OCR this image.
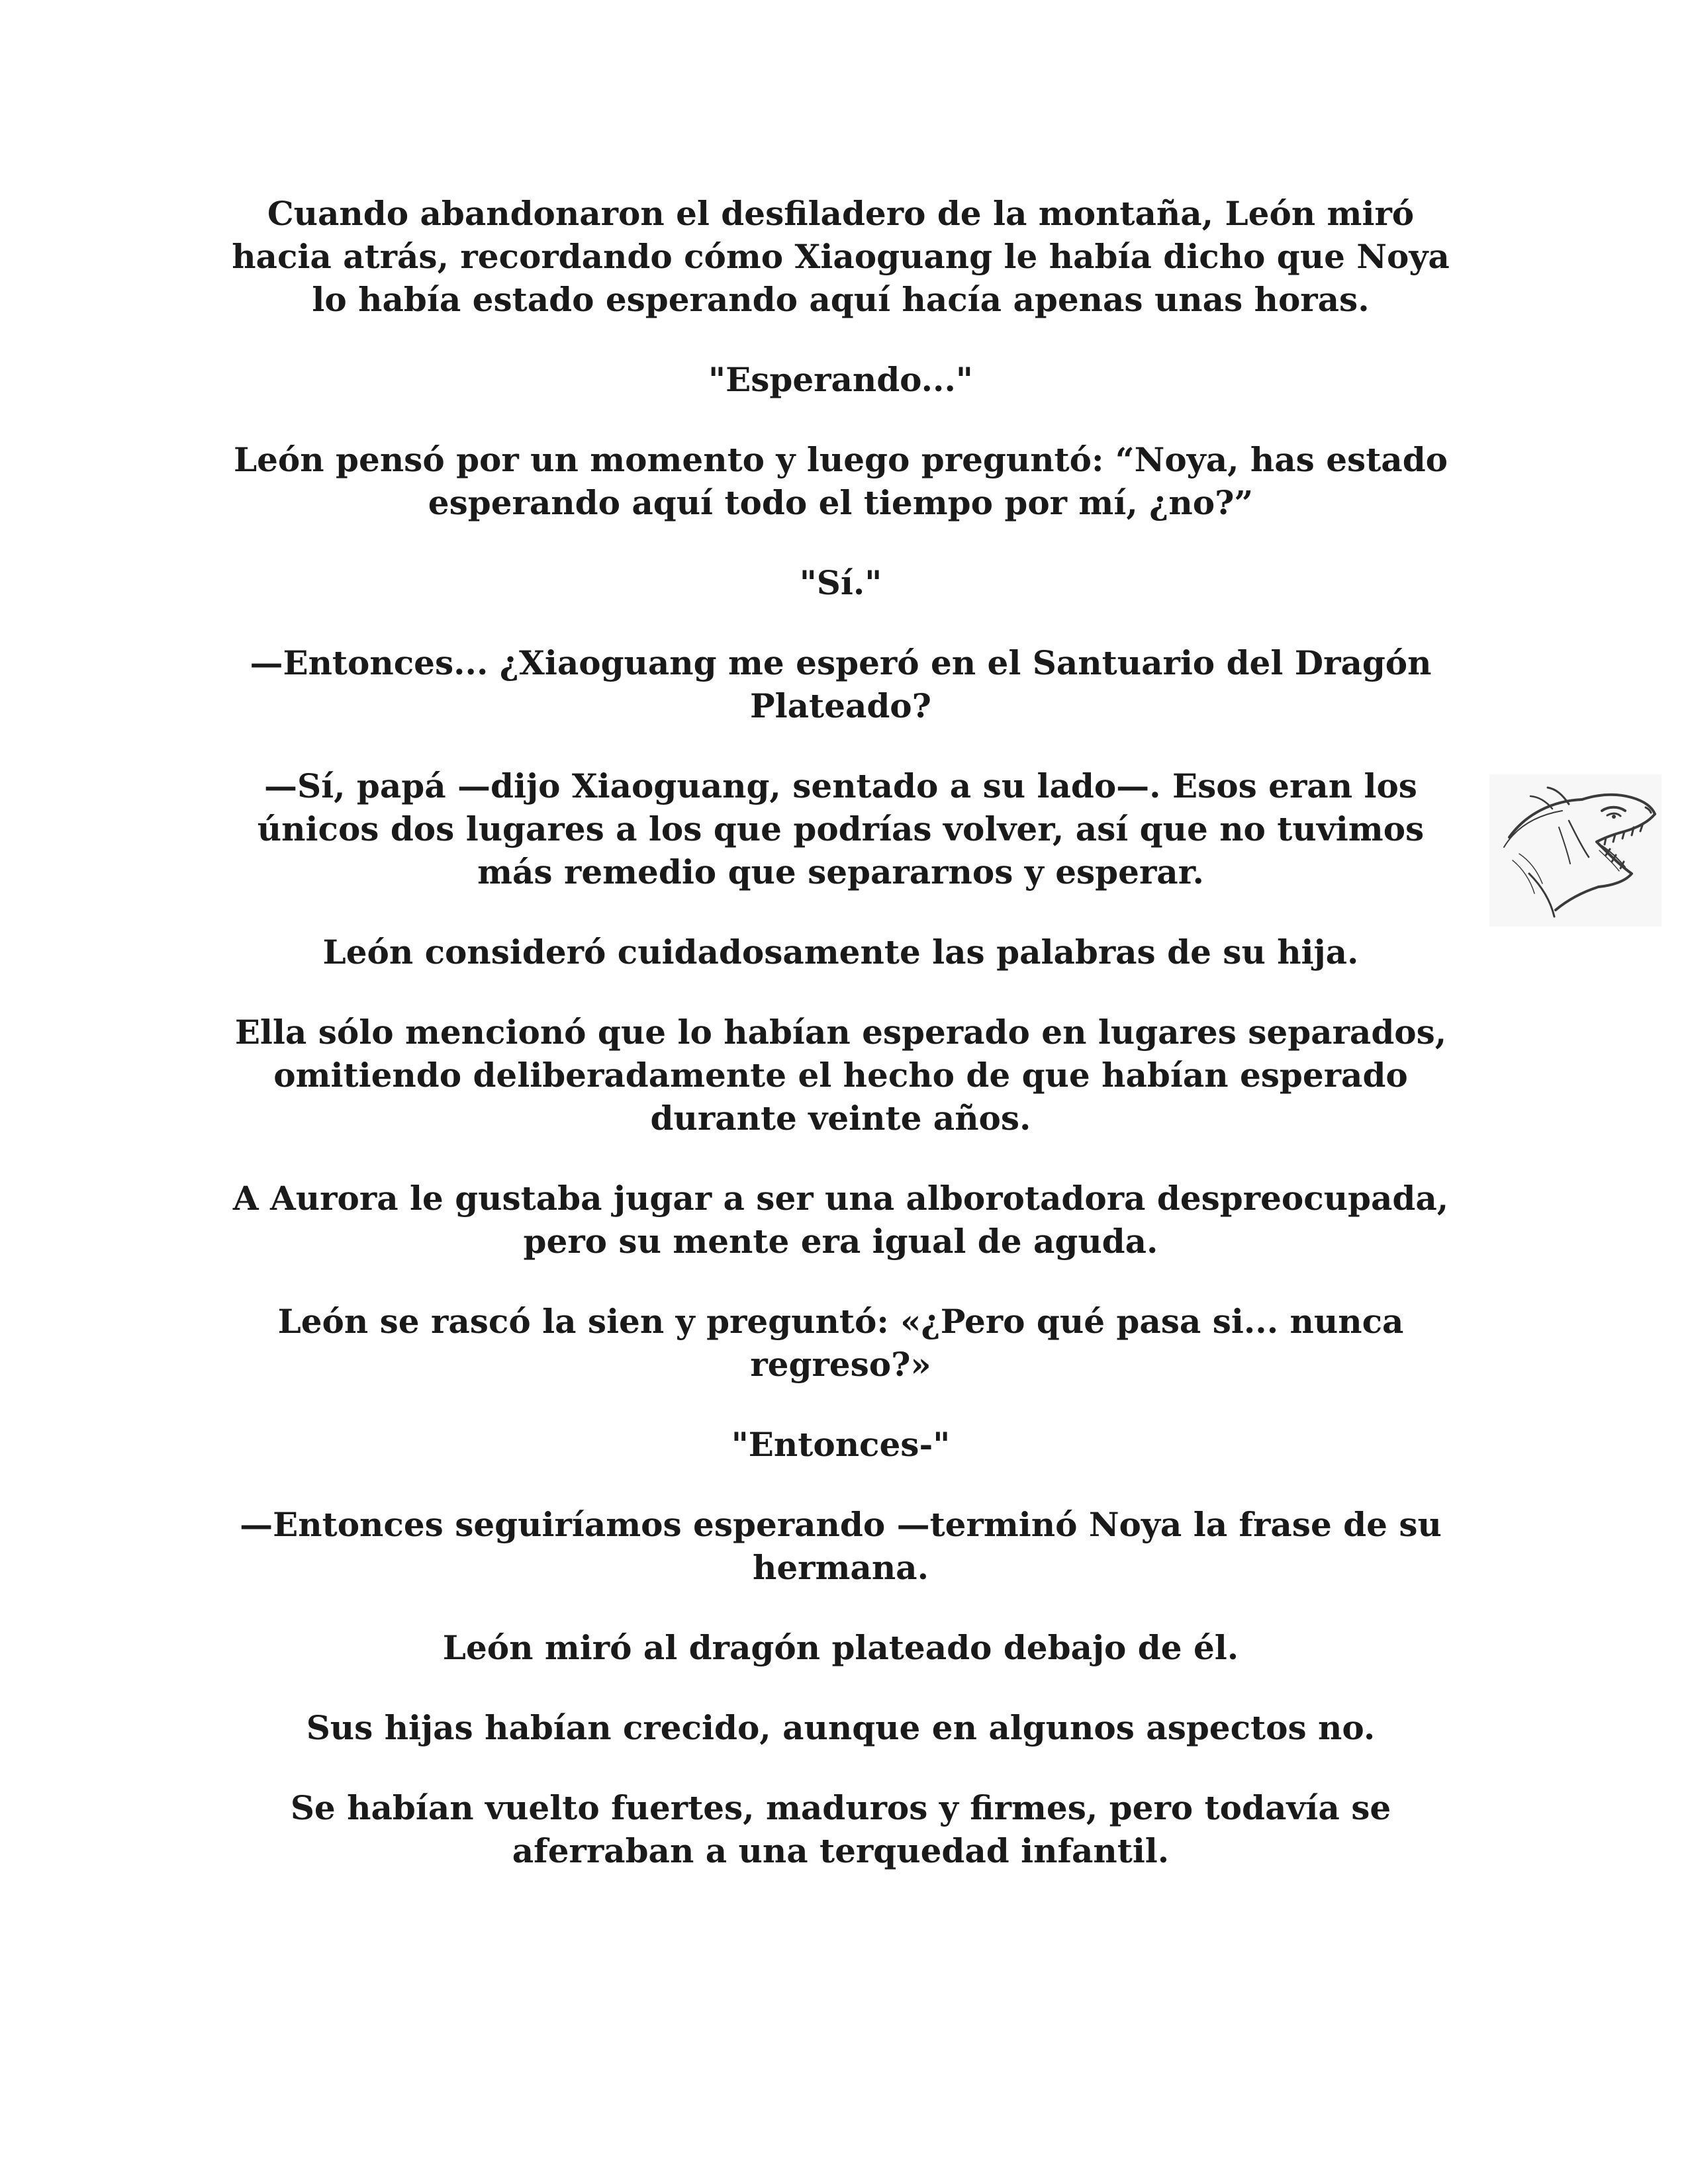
Cuando abandonaron el desfiladero de la montaña, León miró hacia atrás, recordando cómo Xiaoguang le había dicho que Noya lo había estado esperando aquí hacía apenas unas horas.

"Esperando..."

León pensó por un momento y luego preguntó: “Noya, has estado esperando aquí todo el tiempo por mí, ¿no?”

"Sí."

—Entonces... ¿Xiaoguang me esperó en el Santuario del Dragón Plateado?

—Sí, papá —dijo Xiaoguang, sentado a su lado—. Esos eran los únicos dos lugares a los que podrías volver, así que no tuvimos más remedio que separarnos y esperar.

León consideró cuidadosamente las palabras de su hija.

Ella sólo mencionó que lo habían esperado en lugares separados, omitiendo deliberadamente el hecho de que habían esperado durante veinte años.

A Aurora le gustaba jugar a ser una alborotadora despreocupada, pero su mente era igual de aguda.

León se rascó la sien y preguntó: «¿Pero qué pasa si... nunca regreso?»

"Entonces-"

—Entonces seguiríamos esperando —terminó Noya la frase de su hermana.

León miró al dragón plateado debajo de él.

Sus hijas habían crecido, aunque en algunos aspectos no.

Se habían vuelto fuertes, maduros y firmes, pero todavía se aferraban a una terquedad infantil.
